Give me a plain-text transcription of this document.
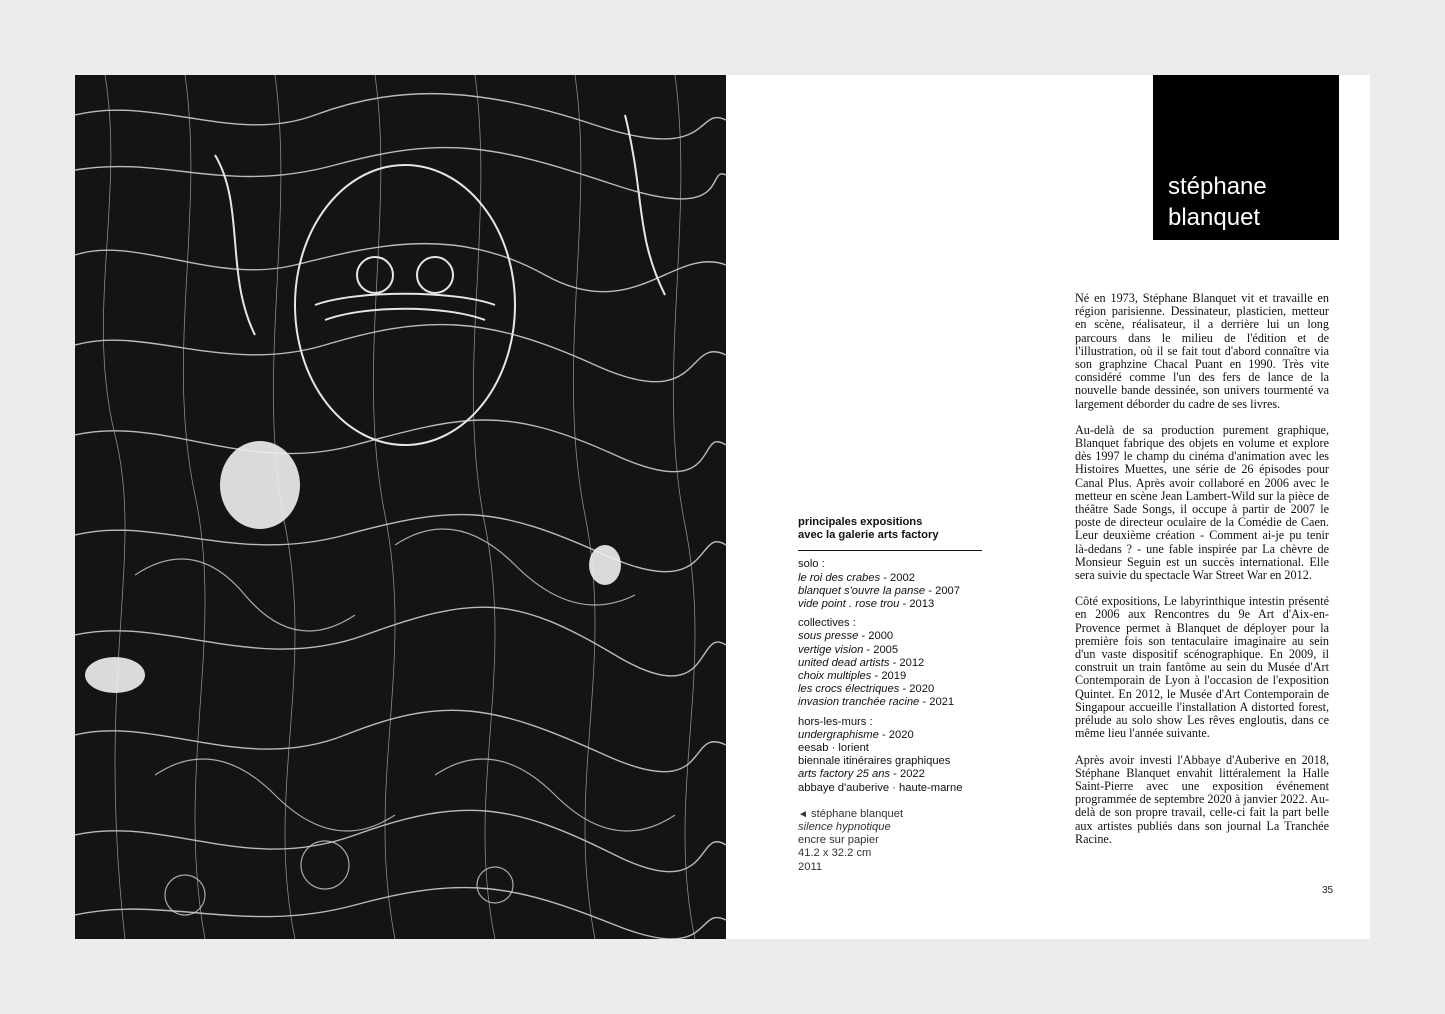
stéphane
blanquet
principales expositions
avec la galerie arts factory
solo :
le roi des crabes - 2002
blanquet s'ouvre la panse - 2007
vide point . rose trou - 2013
collectives :
sous presse - 2000
vertige vision - 2005
united dead artists - 2012
choix multiples - 2019
les crocs électriques - 2020
invasion tranchée racine - 2021
hors-les-murs :
undergraphisme - 2020
eesab · lorient
biennale itinéraires graphiques
arts factory 25 ans - 2022
abbaye d'auberive · haute-marne
◄ stéphane blanquet
silence hypnotique
encre sur papier
41.2 x 32.2 cm
2011

Né en 1973, Stéphane Blanquet vit et travaille en région parisienne. Dessinateur, plasticien, metteur en scène, réalisateur, il a derrière lui un long parcours dans le milieu de l'édition et de l'illustration, où il se fait tout d'abord connaître via son graphzine Chacal Puant en 1990. Très vite considéré comme l'un des fers de lance de la nouvelle bande dessinée, son univers tourmenté va largement déborder du cadre de ses livres.

Au-delà de sa production purement graphique, Blanquet fabrique des objets en volume et explore dès 1997 le champ du cinéma d'animation avec les Histoires Muettes, une série de 26 épisodes pour Canal Plus. Après avoir collaboré en 2006 avec le metteur en scène Jean Lambert-Wild sur la pièce de théâtre Sade Songs, il occupe à partir de 2007 le poste de directeur oculaire de la Comédie de Caen. Leur deuxième création - Comment ai-je pu tenir là-dedans ? - une fable inspirée par La chèvre de Monsieur Seguin est un succès international. Elle sera suivie du spectacle War Street War en 2012.

Côté expositions, Le labyrinthique intestin présenté en 2006 aux Rencontres du 9e Art d'Aix-en-Provence permet à Blanquet de déployer pour la première fois son tentaculaire imaginaire au sein d'un vaste dispositif scénographique. En 2009, il construit un train fantôme au sein du Musée d'Art Contemporain de Lyon à l'occasion de l'exposition Quintet. En 2012, le Musée d'Art Contemporain de Singapour accueille l'installation A distorted forest, prélude au solo show Les rêves engloutis, dans ce même lieu l'année suivante.

Après avoir investi l'Abbaye d'Auberive en 2018, Stéphane Blanquet envahit littéralement la Halle Saint-Pierre avec une exposition événement programmée de septembre 2020 à janvier 2022. Au-delà de son propre travail, celle-ci fait la part belle aux artistes publiés dans son journal La Tranchée Racine.

35
